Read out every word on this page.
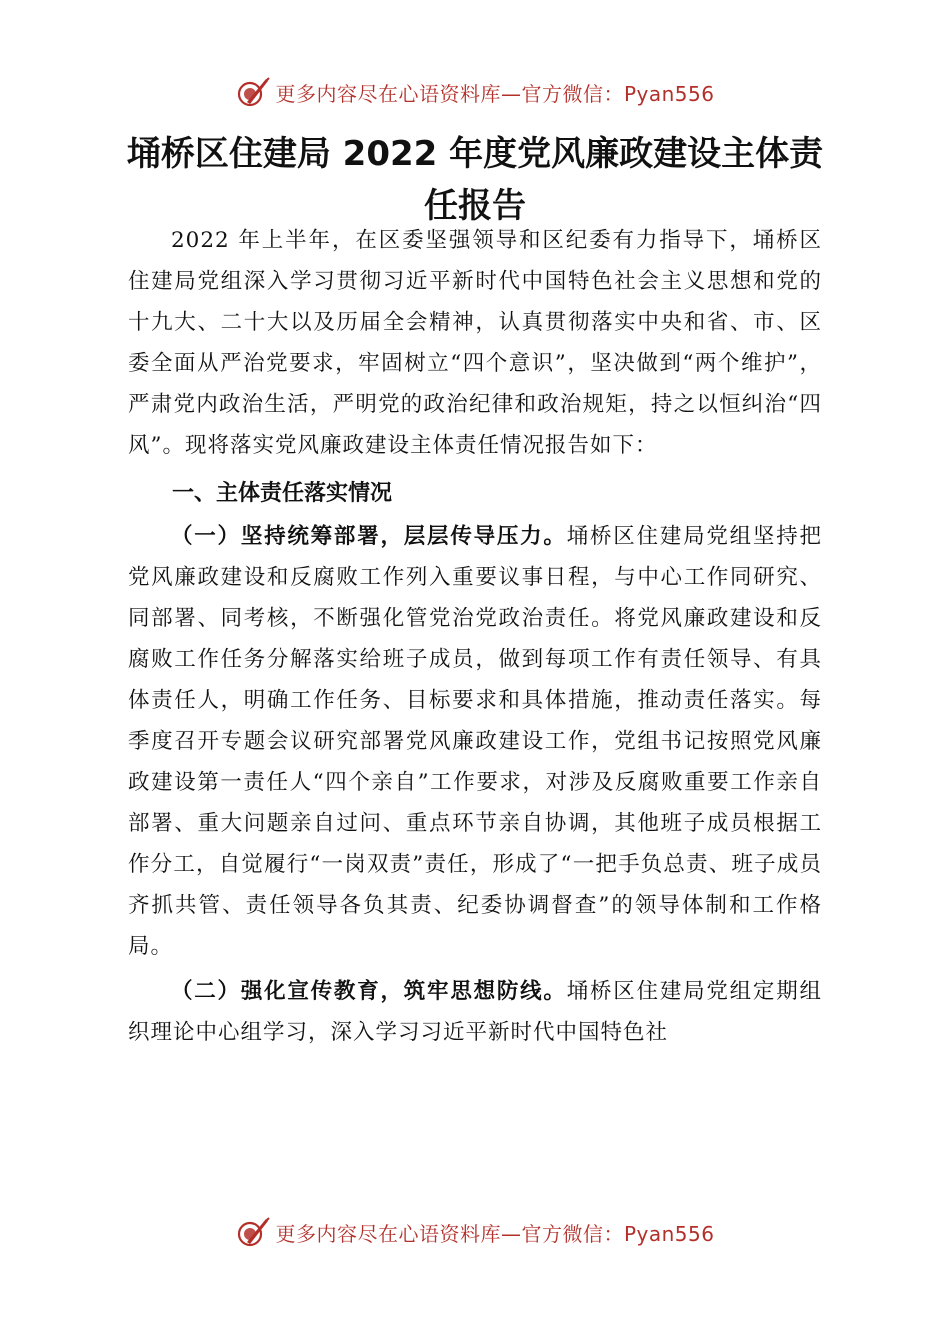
更多内容尽在心语资料库—官方微信：Pyan556
埇桥区住建局 2022 年度党风廉政建设主体责任报告

2022 年上半年，在区委坚强领导和区纪委有力指导下，埇桥区住建局党组深入学习贯彻习近平新时代中国特色社会主义思想和党的十九大、二十大以及历届全会精神，认真贯彻落实中央和省、市、区委全面从严治党要求，牢固树立“四个意识”，坚决做到“两个维护”，严肃党内政治生活，严明党的政治纪律和政治规矩，持之以恒纠治“四风”。现将落实党风廉政建设主体责任情况报告如下：

一、主体责任落实情况

（一）坚持统筹部署，层层传导压力。埇桥区住建局党组坚持把党风廉政建设和反腐败工作列入重要议事日程，与中心工作同研究、同部署、同考核，不断强化管党治党政治责任。将党风廉政建设和反腐败工作任务分解落实给班子成员，做到每项工作有责任领导、有具体责任人，明确工作任务、目标要求和具体措施，推动责任落实。每季度召开专题会议研究部署党风廉政建设工作，党组书记按照党风廉政建设第一责任人“四个亲自”工作要求，对涉及反腐败重要工作亲自部署、重大问题亲自过问、重点环节亲自协调，其他班子成员根据工作分工，自觉履行“一岗双责”责任，形成了“一把手负总责、班子成员齐抓共管、责任领导各负其责、纪委协调督查”的领导体制和工作格局。

（二）强化宣传教育，筑牢思想防线。埇桥区住建局党组定期组织理论中心组学习，深入学习习近平新时代中国特色社

更多内容尽在心语资料库—官方微信：Pyan556
